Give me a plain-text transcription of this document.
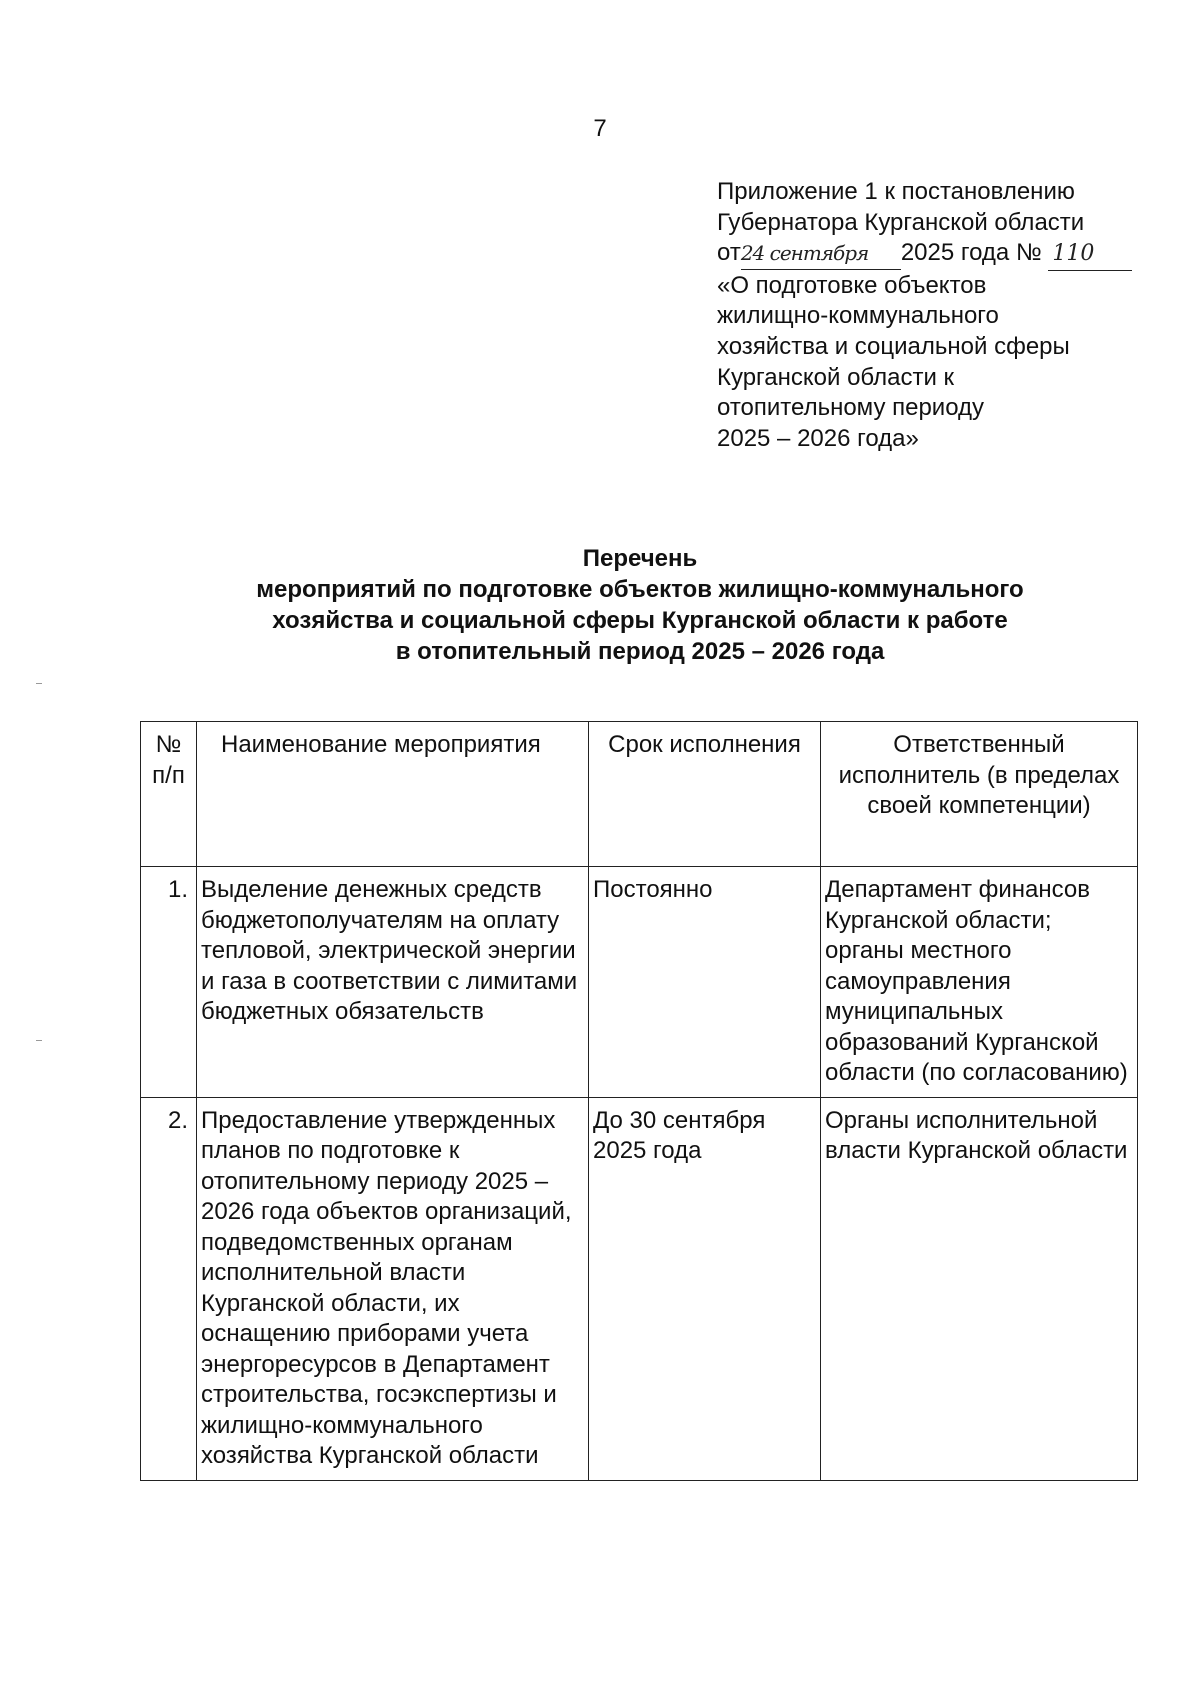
7
Приложение 1 к постановлению
Губернатора Курганской области
от24 сентября 2025 года № 110
«О подготовке объектов
жилищно-коммунального
хозяйства и социальной сферы
Курганской области к
отопительному периоду
2025 – 2026 года»
Перечень
мероприятий по подготовке объектов жилищно-коммунального
хозяйства и социальной сферы Курганской области к работе
в отопительный период 2025 – 2026 года
№ п/п	Наименование мероприятия	Срок исполнения	Ответственный исполнитель (в пределах своей компетенции)
1.	Выделение денежных средств бюджетополучателям на оплату тепловой, электрической энергии и газа в соответствии с лимитами бюджетных обязательств	Постоянно	Департамент финансов Курганской области; органы местного самоуправления муниципальных образований Курганской области (по согласованию)
2.	Предоставление утвержденных планов по подготовке к отопительному периоду 2025 – 2026 года объектов организаций, подведомственных органам исполнительной власти Курганской области, их оснащению приборами учета энергоресурсов в Департамент строительства, госэкспертизы и жилищно-коммунального хозяйства Курганской области	До 30 сентября 2025 года	Органы исполнительной власти Курганской области
